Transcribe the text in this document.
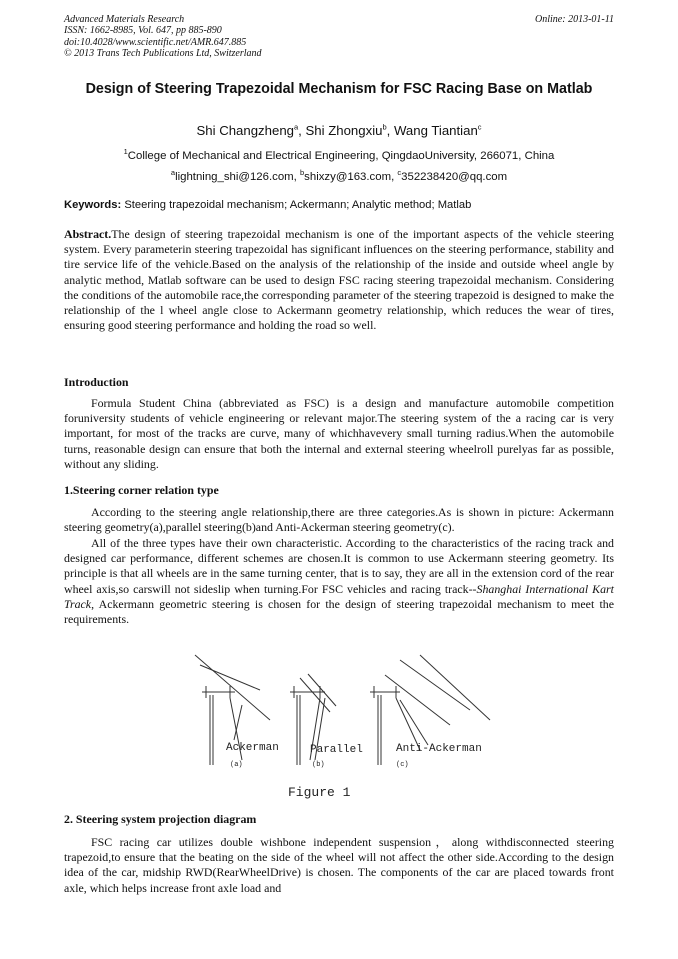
Advanced Materials Research
ISSN: 1662-8985, Vol. 647, pp 885-890
doi:10.4028/www.scientific.net/AMR.647.885
© 2013 Trans Tech Publications Ltd, Switzerland
Online: 2013-01-11
Design of Steering Trapezoidal Mechanism for FSC Racing Base on Matlab
Shi Changzheng$^a$, Shi Zhongxiu$^b$, Wang Tiantian$^c$
$^1$College of Mechanical and Electrical Engineering, QingdaoUniversity, 266071, China
$^a$lightning_shi@126.com, $^b$shixzy@163.com, $^c$352238420@qq.com
Keywords: Steering trapezoidal mechanism; Ackermann; Analytic method; Matlab
Abstract.The design of steering trapezoidal mechanism is one of the important aspects of the vehicle steering system. Every parameterin steering trapezoidal has significant influences on the steering performance, stability and tire service life of the vehicle.Based on the analysis of the relationship of the inside and outside wheel angle by analytic method, Matlab software can be used to design FSC racing steering trapezoidal mechanism. Considering the conditions of the automobile race,the corresponding parameter of the steering trapezoid is designed to make the relationship of the l wheel angle close to Ackermann geometry relationship, which reduces the wear of tires, ensuring good steering performance and holding the road so well.
Introduction
Formula Student China (abbreviated as FSC) is a design and manufacture automobile competition foruniversity students of vehicle engineering or relevant major.The steering system of the a racing car is very important, for most of the tracks are curve, many of whichhavevery small turning radius.When the automobile turns, reasonable design can ensure that both the internal and external steering wheelroll purelyas far as possible, without any sliding.
1.Steering corner relation type
According to the steering angle relationship,there are three categories.As is shown in picture: Ackermann steering geometry(a),parallel steering(b)and Anti-Ackerman steering geometry(c).
All of the three types have their own characteristic. According to the characteristics of the racing track and designed car performance, different schemes are chosen.It is common to use Ackermann steering geometry. Its principle is that all wheels are in the same turning center, that is to say, they are all in the extension cord of the rear wheel axis,so carswill not sideslip when turning.For FSC vehicles and racing track--Shanghai International Kart Track, Ackermann geometric steering is chosen for the design of steering trapezoidal mechanism to meet the requirements.
Ackerman	Parallel	Anti-Ackerman
(a)	(b)	(c)
Figure 1
2. Steering system projection diagram
FSC racing car utilizes double wishbone independent suspension，along withdisconnected steering trapezoid,to ensure that the beating on the side of the wheel will not affect the other side.According to the design idea of the car, midship RWD(RearWheelDrive) is chosen. The components of the car are placed towards front axle, which helps increase front axle load and
